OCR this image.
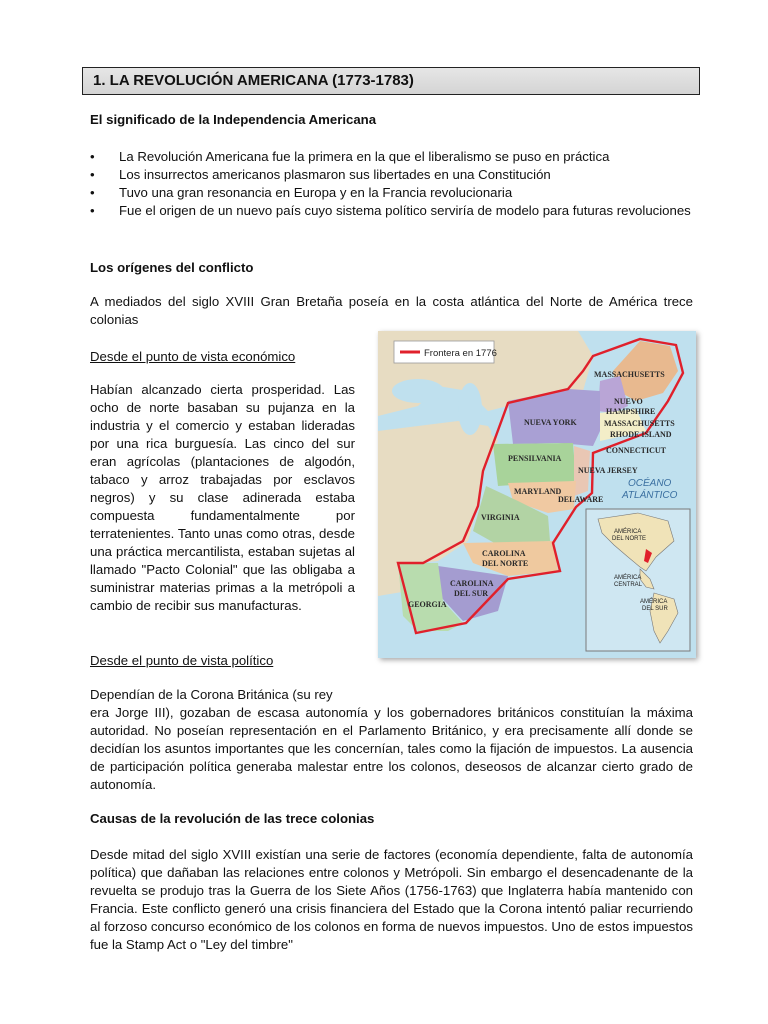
1. LA REVOLUCIÓN AMERICANA (1773-1783)
El significado de la Independencia Americana
• La Revolución Americana fue la primera en la que el liberalismo se puso en práctica
• Los insurrectos americanos plasmaron sus libertades en una Constitución
• Tuvo una gran resonancia en Europa y en la Francia revolucionaria
• Fue el origen de un nuevo país cuyo sistema político serviría de modelo para futuras revoluciones
Los orígenes del conflicto
A mediados del siglo XVIII Gran Bretaña poseía en la costa atlántica del Norte de América trece colonias
Desde el punto de vista económico
Habían alcanzado cierta prosperidad. Las ocho de norte basaban su pujanza en la industria y el comercio y estaban lideradas por una rica burguesía. Las cinco del sur eran agrícolas (plantaciones de algodón, tabaco y arroz trabajadas por esclavos negros) y su clase adinerada estaba compuesta fundamentalmente por terratenientes. Tanto unas como otras, desde una práctica mercantilista, estaban sujetas al llamado "Pacto Colonial" que las obligaba a suministrar materias primas a la metrópoli a cambio de recibir sus manufacturas.
Desde el punto de vista político
Dependían de la Corona Británica (su rey
era Jorge III), gozaban de escasa autonomía y los gobernadores británicos constituían la máxima autoridad. No poseían representación en el Parlamento Británico, y era precisamente allí donde se decidían los asuntos importantes que les concernían, tales como la fijación de impuestos. La ausencia de participación política generaba malestar entre los colonos, deseosos de alcanzar cierto grado de autonomía.
Causas de la revolución de las trece colonias
Desde mitad del siglo XVIII existían una serie de factores (economía dependiente, falta de autonomía política) que dañaban las relaciones entre colonos y Metrópoli. Sin embargo el desencadenante de la revuelta se produjo tras la Guerra de los Siete Años (1756-1763) que Inglaterra había mantenido con Francia. Este conflicto generó una crisis financiera del Estado que la Corona intentó paliar recurriendo al forzoso concurso económico de los colonos en forma de nuevos impuestos. Uno de estos impuestos fue la Stamp Act o "Ley del timbre"
Frontera en 1776
MASSACHUSETTS
NUEVO
HAMPSHIRE
MASSACHUSETTS
RHODE ISLAND
CONNECTICUT
NUEVA YORK
PENSILVANIA
NUEVA JERSEY
MARYLAND
DELAWARE
VIRGINIA
CAROLINA
DEL NORTE
CAROLINA
DEL SUR
GEORGIA
OCÉANO
ATLÁNTICO
AMÉRICA
DEL NORTE
AMÉRICA
CENTRAL
AMÉRICA
DEL SUR
